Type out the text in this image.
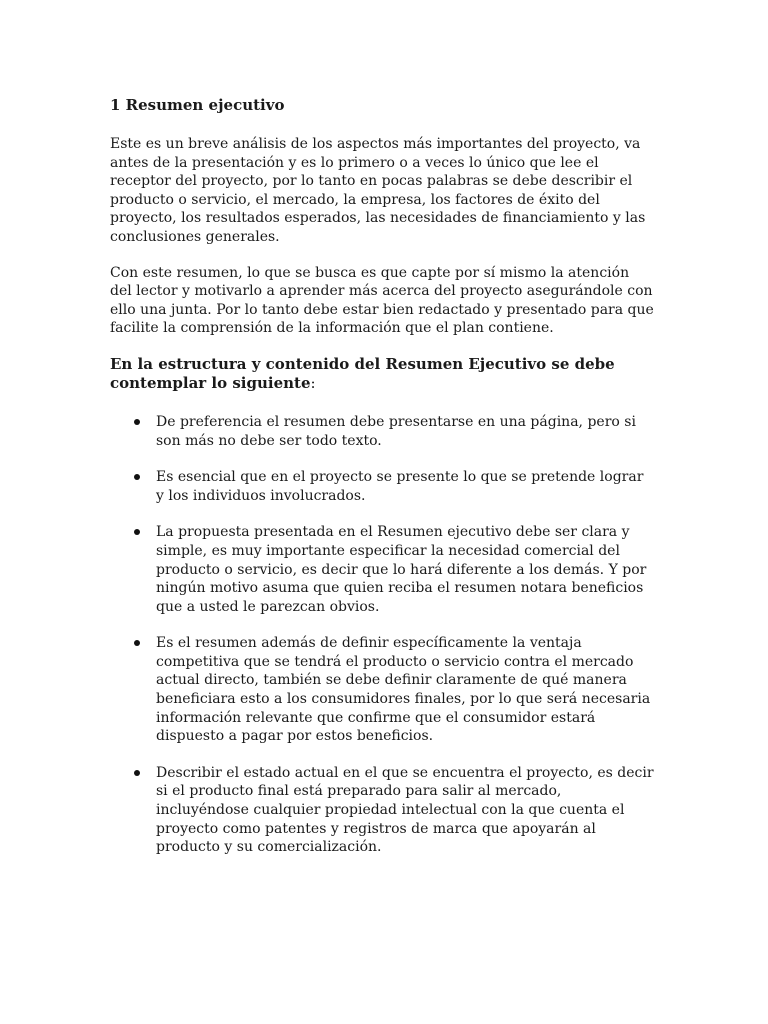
1 Resumen ejecutivo

Este es un breve análisis de los aspectos más importantes del proyecto, va antes de la presentación y es lo primero o a veces lo único que lee el receptor del proyecto, por lo tanto en pocas palabras se debe describir el producto o servicio, el mercado, la empresa, los factores de éxito del proyecto, los resultados esperados, las necesidades de financiamiento y las conclusiones generales.

Con este resumen, lo que se busca es que capte por sí mismo la atención del lector y motivarlo a aprender más acerca del proyecto asegurándole con ello una junta. Por lo tanto debe estar bien redactado y presentado para que facilite la comprensión de la información que el plan contiene.

En la estructura y contenido del Resumen Ejecutivo se debe contemplar lo siguiente:
De preferencia el resumen debe presentarse en una página, pero si son más no debe ser todo texto.
Es esencial que en el proyecto se presente lo que se pretende lograr y los individuos involucrados.
La propuesta presentada en el Resumen ejecutivo debe ser clara y simple, es muy importante especificar la necesidad comercial del producto o servicio, es decir que lo hará diferente a los demás. Y por ningún motivo asuma que quien reciba el resumen notara beneficios que a usted le parezcan obvios.
Es el resumen además de definir específicamente la ventaja competitiva que se tendrá el producto o servicio contra el mercado actual directo, también se debe definir claramente de qué manera beneficiara esto a los consumidores finales, por lo que será necesaria información relevante que confirme que el consumidor estará dispuesto a pagar por estos beneficios.
Describir el estado actual en el que se encuentra el proyecto, es decir si el producto final está preparado para salir al mercado, incluyéndose cualquier propiedad intelectual con la que cuenta el proyecto como patentes y registros de marca que apoyarán al producto y su comercialización.
